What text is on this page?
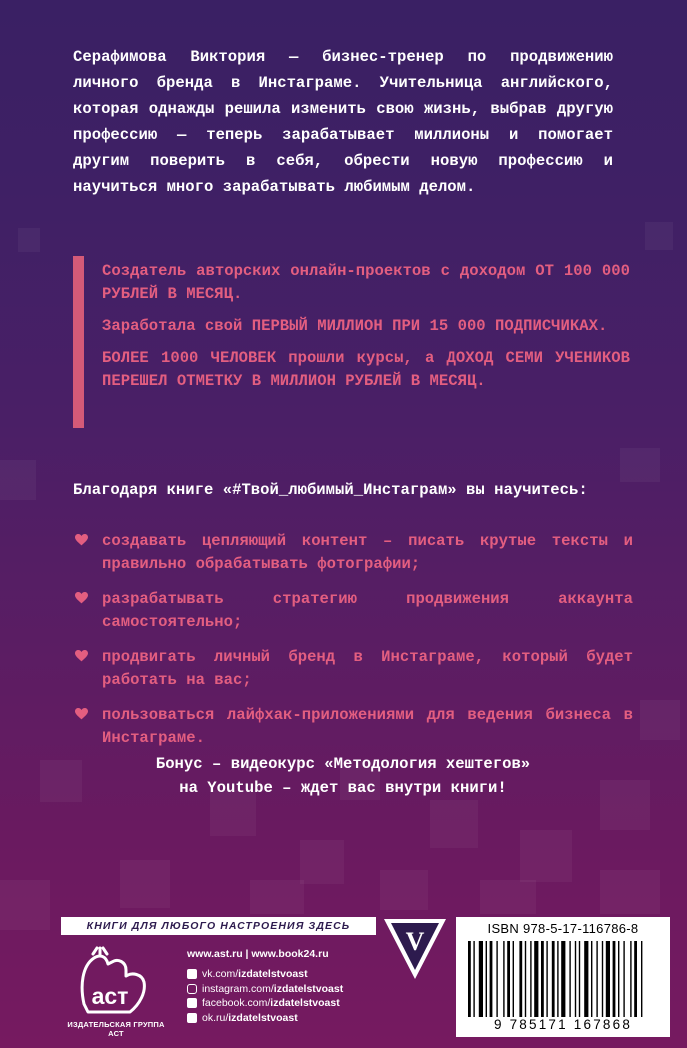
Серафимова Виктория — бизнес-тренер по продвижению личного бренда в Инстаграме. Учительница английского, которая однажды решила изменить свою жизнь, выбрав другую профессию — теперь зарабатывает миллионы и помогает другим поверить в себя, обрести новую профессию и научиться много зарабатывать любимым делом.

Создатель авторских онлайн-проектов с доходом ОТ 100 000 РУБЛЕЙ В МЕСЯЦ.

Заработала свой ПЕРВЫЙ МИЛЛИОН ПРИ 15 000 ПОДПИСЧИКАХ.

БОЛЕЕ 1000 ЧЕЛОВЕК прошли курсы, а ДОХОД СЕМИ УЧЕНИКОВ ПЕРЕШЕЛ ОТМЕТКУ В МИЛЛИОН РУБЛЕЙ В МЕСЯЦ.

Благодаря книге «#Твой_любимый_Инстаграм» вы научитесь:
создавать цепляющий контент – писать крутые тексты и правильно обрабатывать фотографии;
разрабатывать стратегию продвижения аккаунта самостоятельно;
продвигать личный бренд в Инстаграме, который будет работать на вас;
пользоваться лайфхак-приложениями для ведения бизнеса в Инстаграме.
Бонус – видеокурс «Методология хештегов»
на Youtube – ждет вас внутри книги!
КНИГИ ДЛЯ ЛЮБОГО НАСТРОЕНИЯ ЗДЕСЬ
аст
ИЗДАТЕЛЬСКАЯ ГРУППА АСТ
www.ast.ru | www.book24.ru
vk.com/ izdatelstvoast
instagram.com/ izdatelstvoast
facebook.com/ izdatelstvoast
ok.ru/ izdatelstvoast
V	ISBN 978-5-17-116786-8
9 785171 167868
